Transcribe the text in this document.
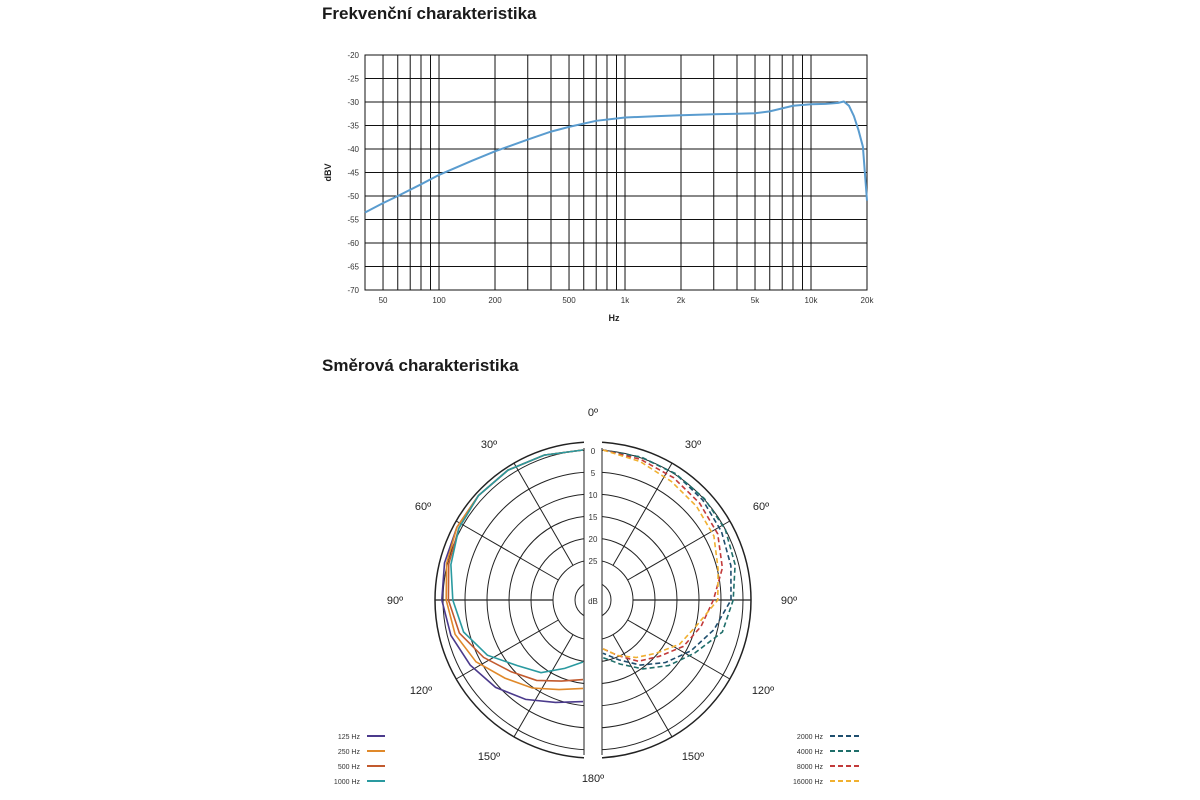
Frekvenční charakteristika
Směrová charakteristika
-20
-25
-30
-35
-40
-45
-50
-55
-60
-65
-70
50	100	200	500	1k	2k	5k	10k	20k
Hz
dBV
0
5
10
15
20
25
dB
0º
30º
60º
90º
120º
150º
180º
30º
60º
90º
120º
150º
125 Hz
250 Hz
500 Hz
1000 Hz
2000 Hz
4000 Hz
8000 Hz
16000 Hz
